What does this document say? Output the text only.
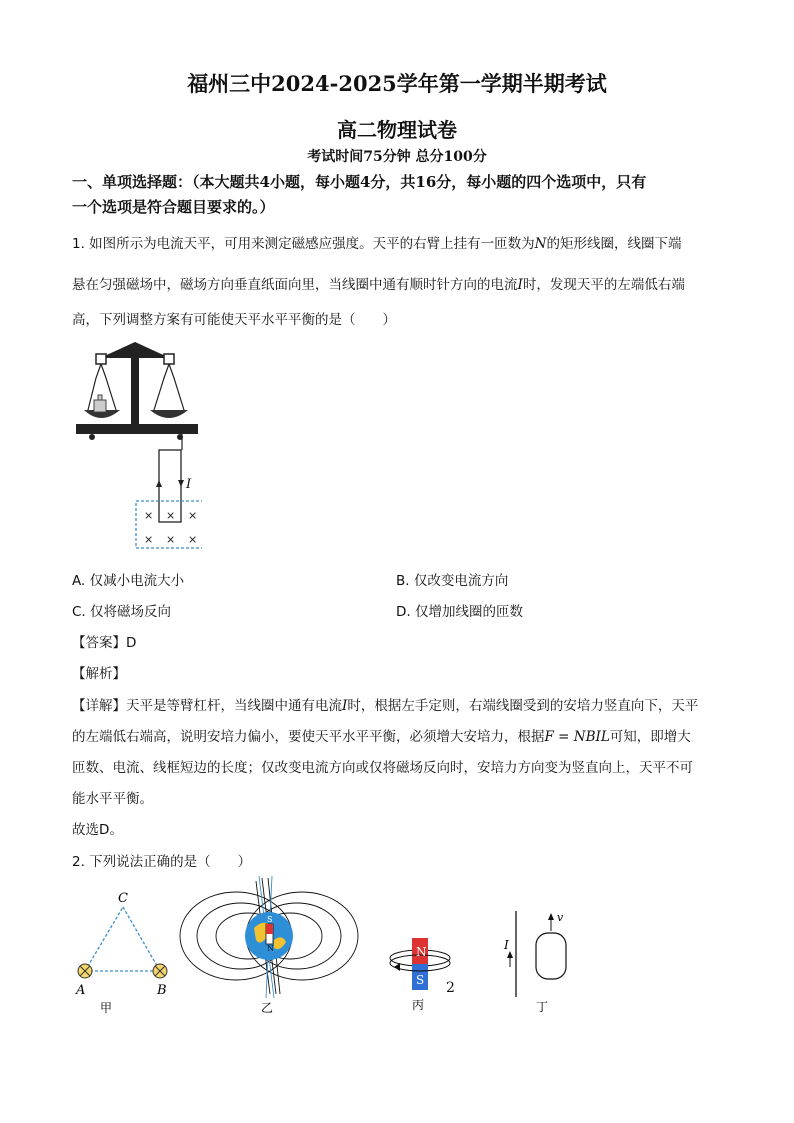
福州三中2024-2025学年第一学期半期考试
高二物理试卷
考试时间75分钟 总分100分
一、单项选择题：（本大题共4小题，每小题4分，共16分，每小题的四个选项中，只有
一个选项是符合题目要求的。）
1. 如图所示为电流天平，可用来测定磁感应强度。天平的右臂上挂有一匝数为N的矩形线圈，线圈下端
悬在匀强磁场中，磁场方向垂直纸面向里，当线圈中通有顺时针方向的电流I时，发现天平的左端低右端
高，下列调整方案有可能使天平水平平衡的是（　　）
I
× × ×
× × ×
A. 仅减小电流大小	B. 仅改变电流方向
C. 仅将磁场反向	D. 仅增加线圈的匝数
【答案】D
【解析】
【详解】天平是等臂杠杆，当线圈中通有电流I时，根据左手定则，右端线圈受到的安培力竖直向下，天平
的左端低右端高，说明安培力偏小，要使天平水平平衡，必须增大安培力，根据F = NBIL可知，即增大
匝数、电流、线框短边的长度；仅改变电流方向或仅将磁场反向时，安培力方向变为竖直向上，天平不可
能水平平衡。
故选D。
2. 下列说法正确的是（　　）
C
A	B
甲
N
S
乙
N
S 2
丙
I
v
丁
